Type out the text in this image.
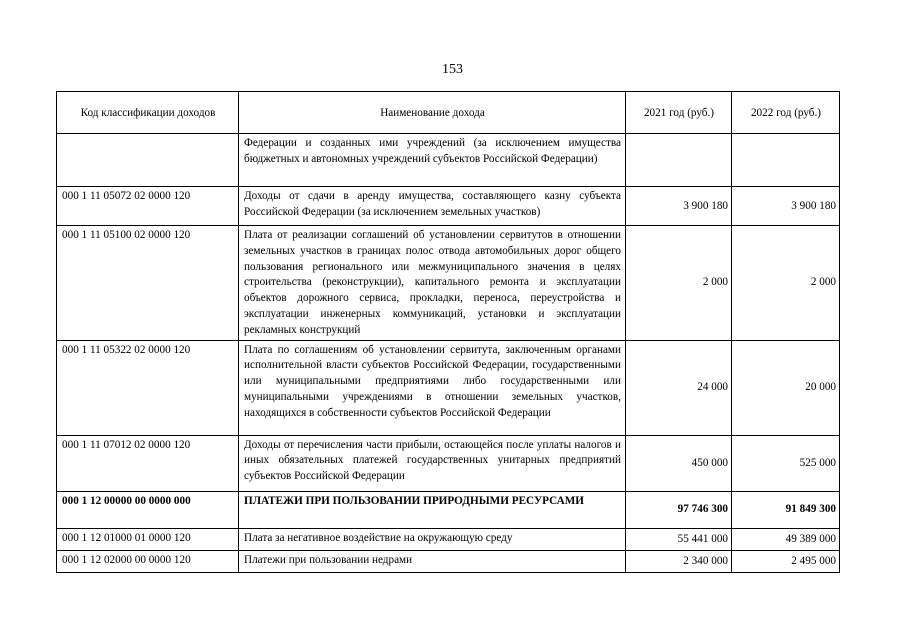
153
Код классификации доходов	Наименование дохода	2021 год (руб.)	2022 год (руб.)
	Федерации и созданных ими учреждений (за исключением имущества бюджетных и автономных учреждений субъектов Российской Федерации)		
000 1 11 05072 02 0000 120	Доходы от сдачи в аренду имущества, составляющего казну субъекта Российской Федерации (за исключением земельных участков)	3 900 180	3 900 180
000 1 11 05100 02 0000 120	Плата от реализации соглашений об установлении сервитутов в отношении земельных участков в границах полос отвода автомобильных дорог общего пользования регионального или межмуниципального значения в целях строительства (реконструкции), капитального ремонта и эксплуатации объектов дорожного сервиса, прокладки, переноса, переустройства и эксплуатации инженерных коммуникаций, установки и эксплуатации рекламных конструкций	2 000	2 000
000 1 11 05322 02 0000 120	Плата по соглашениям об установлении сервитута, заключенным органами исполнительной власти субъектов Российской Федерации, государственными или муниципальными предприятиями либо государственными или муниципальными учреждениями в отношении земельных участков, находящихся в собственности субъектов Российской Федерации	24 000	20 000
000 1 11 07012 02 0000 120	Доходы от перечисления части прибыли, остающейся после уплаты налогов и иных обязательных платежей государственных унитарных предприятий субъектов Российской Федерации	450 000	525 000
000 1 12 00000 00 0000 000	ПЛАТЕЖИ ПРИ ПОЛЬЗОВАНИИ ПРИРОДНЫМИ РЕСУРСАМИ	97 746 300	91 849 300
000 1 12 01000 01 0000 120	Плата за негативное воздействие на окружающую среду	55 441 000	49 389 000
000 1 12 02000 00 0000 120	Платежи при пользовании недрами	2 340 000	2 495 000
